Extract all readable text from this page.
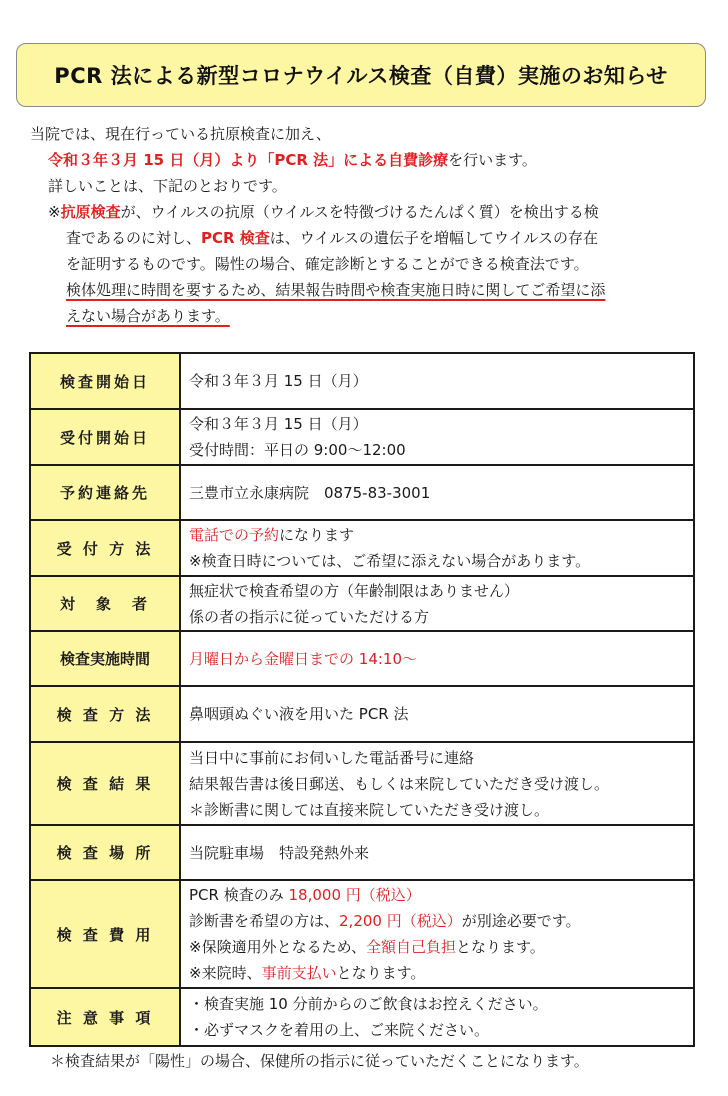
PCR 法による新型コロナウイルス検査（自費）実施のお知らせ

当院では、現在行っている抗原検査に加え、

令和３年３月 15 日（月）より「PCR 法」による自費診療を行います。

詳しいことは、下記のとおりです。

※抗原検査が、ウイルスの抗原（ウイルスを特徴づけるたんぱく質）を検出する検

査であるのに対し、PCR 検査は、ウイルスの遺伝子を増幅してウイルスの存在

を証明するものです。陽性の場合、確定診断とすることができる検査法です。

検体処理に時間を要するため、結果報告時間や検査実施日時に関してご希望に添

えない場合があります。

検査開始日	令和３年３月 15 日（月）

受付開始日	令和３年３月 15 日（月）
受付時間：平日の 9:00〜12:00

予約連絡先	三豊市立永康病院　0875-83-3001

受 付 方 法	電話での予約になります
※検査日時については、ご希望に添えない場合があります。

対　象　者	無症状で検査希望の方（年齢制限はありません）
係の者の指示に従っていただける方

検査実施時間	月曜日から金曜日までの 14:10〜

検 査 方 法	鼻咽頭ぬぐい液を用いた PCR 法

検 査 結 果	当日中に事前にお伺いした電話番号に連絡
結果報告書は後日郵送、もしくは来院していただき受け渡し。
＊診断書に関しては直接来院していただき受け渡し。

検 査 場 所	当院駐車場　特設発熱外来

検 査 費 用	PCR 検査のみ 18,000 円（税込）
診断書を希望の方は、2,200 円（税込）が別途必要です。
※保険適用外となるため、全額自己負担となります。
※来院時、事前支払いとなります。

注 意 事 項	・検査実施 10 分前からのご飲食はお控えください。
・必ずマスクを着用の上、ご来院ください。
＊検査結果が「陽性」の場合、保健所の指示に従っていただくことになります。
